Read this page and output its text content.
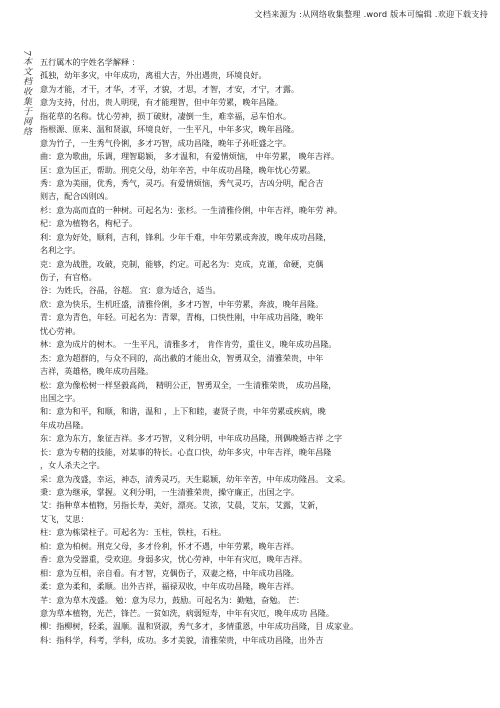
文档来源为 :从网络收集整理 .word 版本可编辑 .欢迎下载支持
7本文档收集于网络 五行属木的字姓名学解释 ：
孤独，幼年多灾，中年成功，离祖大吉，外出遇贵，环境良好。
意为才能，才干，才华，才平，才貌，才思，才智，才安，才宁，才露。
意为支持，付出，贵人明现，有才能理智，但中年劳累，晚年昌隆。
指花草的名称。忧心劳神，损丁破财，凄倒一生，难幸福，忌车怕水。
指根源、原来、温和贤淑，环境良好，一生平凡，中年多灾，晚年昌隆。
意为竹子，一生秀气伶俐，多才巧智，成功昌隆，晚年子孙旺盛之字。
曲：意为歌曲，乐调，理智聪颖， 多才温和，有爱情烦恼， 中年劳累， 晚年吉祥。
匡：意为匡正，帮助。刑克父母，幼年辛苦，中年成功昌隆，晚年忧心劳累。
秀：意为美丽，优秀，秀气，灵巧。有爱情烦恼，秀气灵巧，吉凶分明，配合吉
则吉，配合凶则凶。
杉：意为高而直的一种树。可起名为：张杉。一生清雅伶俐，中年吉祥，晚年劳 神。
杞：意为植物名，枸杞子。
利：意为好处，顺利，吉利，锋利。少年千难，中年劳累或奔波，晚年成功昌隆，
名利之字。
克：意为战胜，攻破，克制，能够，约定。可起名为：克成，克谨，命硬，克偶
伤子，有官格。
谷：为姓氏，谷晶，谷超。 宜：意为适合，适当。
欣：意为快乐，生机旺盛，清雅伶俐，多才巧智，中年劳累，奔波，晚年昌隆。
青：意为青色，年轻。可起名为：青翠，青梅，口快性刚，中年成功昌隆，晚年
忧心劳神。
林：意为成片的树木。 一生平凡，清雅多才， 肯作肯劳，重住义，晚年成功昌隆。
杰：意为超群的，与众不同的，高出截的才能出众，智勇双全，清雅荣贵，中年
吉祥，英雄格，晚年成功昌隆。
松：意为像松树一样坚毅高尚， 精明公正，智勇双全，一生清雅荣贵， 成功昌隆，
出国之字。
和：意为和平，和顺，和谐，温和 ，上下和睦，妻贤子贵，中年劳累或疾病，晚
年成功昌隆。
东：意为东方，象征吉祥。多才巧智，义利分明，中年成功昌隆，刑偶晚婚吉祥 之字
长：意为专精的技能，对某事的特长。心直口快，幼年多灾，中年吉祥，晚年昌隆
，女人杀夫之字。
采：意为茂盛，幸运，神态，清秀灵巧，天生聪颖，幼年辛苦，中年成功隆昌。 文采。
秉：意为继承，掌握。义利分明，一生清雅荣贵，操守廉正，出国之字。
艾：指种草本植物，另指长寿，美好，漂亮。艾浓，艾晨，艾东，艾露，艾新，
艾飞，艾思：
柱：意为栋梁柱子。可起名为：玉柱，铁柱，石柱。
柏：意为柏树。刑克父母，多才伶利，怀才不遇，中年劳累，晚年吉祥。
香：意为受器重，受欢迎。身弱多灾，忧心劳神，中年有灾厄，晚年吉祥。
相：意为互相，亲自看。有才智，克偶伤子，双妻之格，中年成功昌隆。
柔：意为柔和，柔顺。出外吉祥，福禄双收，中年成功昌隆，晚年吉祥。
芊：意为草木茂盛。 勉：意为尽力，鼓励。可起名为：勤勉，奋勉。 芒：
意为草本植物，光芒，锋芒。一贫如洗，病弱短寿，中年有灾厄，晚年成功 昌隆。
柳：指柳树，轻柔，温顺。温和贤淑，秀气多才，多情重恩，中年成功昌隆，目 成家业。
科：指科学，科考，学科，成功。多才美貌，清雅荣贵，中年成功昌隆，出外吉
